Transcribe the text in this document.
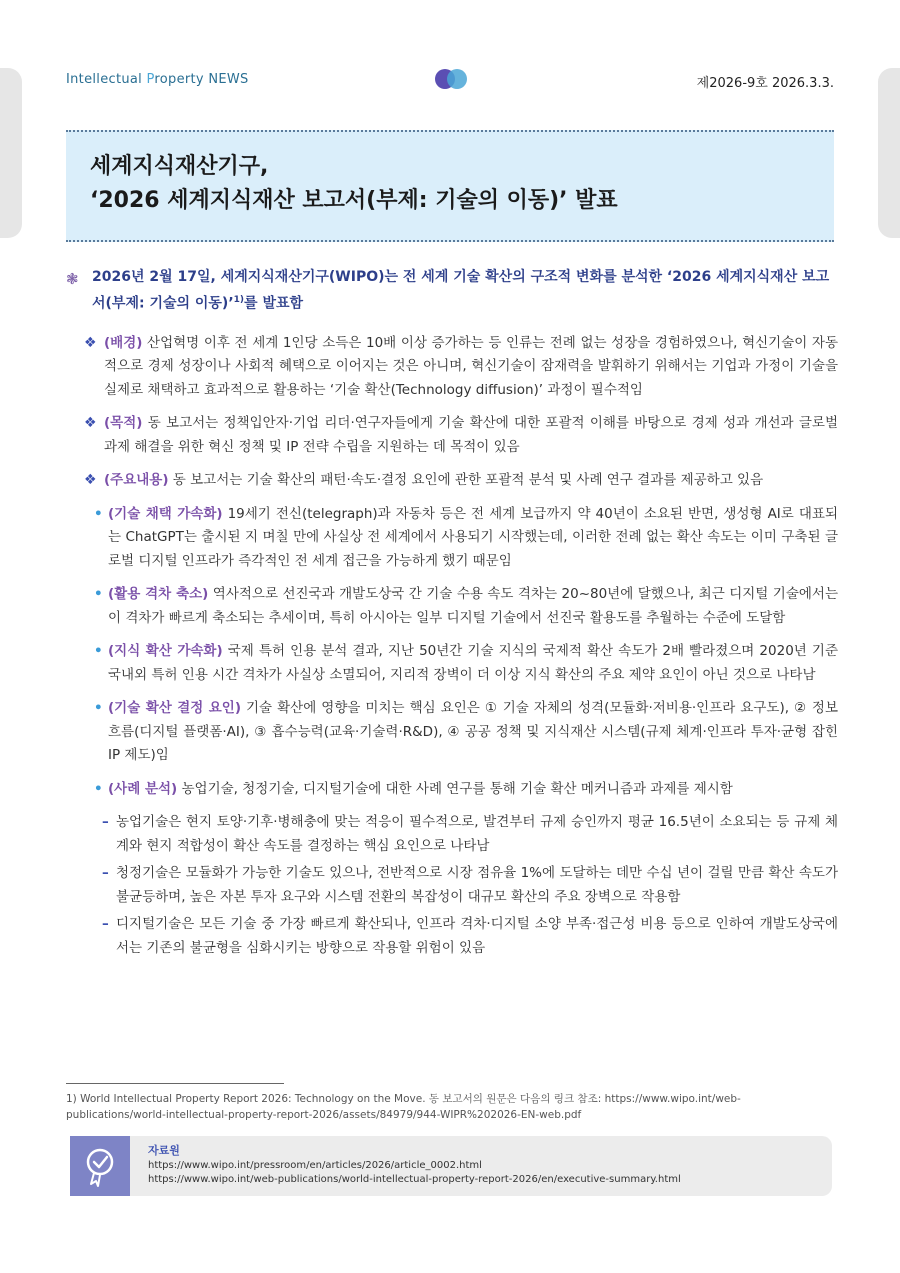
Intellectual Property NEWS	제2026-9호 2026.3.3.
세계지식재산기구,
‘2026 세계지식재산 보고서(부제: 기술의 이동)’ 발표
❃ 2026년 2월 17일, 세계지식재산기구(WIPO)는 전 세계 기술 확산의 구조적 변화를 분석한 ‘2026 세계지식재산 보고서(부제: 기술의 이동)’$^{1)}$를 발표함
❖ (배경) 산업혁명 이후 전 세계 1인당 소득은 10배 이상 증가하는 등 인류는 전례 없는 성장을 경험하였으나, 혁신기술이 자동적으로 경제 성장이나 사회적 혜택으로 이어지는 것은 아니며, 혁신기술이 잠재력을 발휘하기 위해서는 기업과 가정이 기술을 실제로 채택하고 효과적으로 활용하는 ‘기술 확산(Technology diffusion)’ 과정이 필수적임
❖ (목적) 동 보고서는 정책입안자·기업 리더·연구자들에게 기술 확산에 대한 포괄적 이해를 바탕으로 경제 성과 개선과 글로벌 과제 해결을 위한 혁신 정책 및 IP 전략 수립을 지원하는 데 목적이 있음
❖ (주요내용) 동 보고서는 기술 확산의 패턴·속도·결정 요인에 관한 포괄적 분석 및 사례 연구 결과를 제공하고 있음
• (기술 채택 가속화) 19세기 전신(telegraph)과 자동차 등은 전 세계 보급까지 약 40년이 소요된 반면, 생성형 AI로 대표되는 ChatGPT는 출시된 지 며칠 만에 사실상 전 세계에서 사용되기 시작했는데, 이러한 전례 없는 확산 속도는 이미 구축된 글로벌 디지털 인프라가 즉각적인 전 세계 접근을 가능하게 했기 때문임
• (활용 격차 축소) 역사적으로 선진국과 개발도상국 간 기술 수용 속도 격차는 20~80년에 달했으나, 최근 디지털 기술에서는 이 격차가 빠르게 축소되는 추세이며, 특히 아시아는 일부 디지털 기술에서 선진국 활용도를 추월하는 수준에 도달함
• (지식 확산 가속화) 국제 특허 인용 분석 결과, 지난 50년간 기술 지식의 국제적 확산 속도가 2배 빨라졌으며 2020년 기준 국내외 특허 인용 시간 격차가 사실상 소멸되어, 지리적 장벽이 더 이상 지식 확산의 주요 제약 요인이 아닌 것으로 나타남
• (기술 확산 결정 요인) 기술 확산에 영향을 미치는 핵심 요인은 ① 기술 자체의 성격(모듈화·저비용·인프라 요구도), ② 정보 흐름(디지털 플랫폼·AI), ③ 흡수능력(교육·기술력·R&D), ④ 공공 정책 및 지식재산 시스템(규제 체계·인프라 투자·균형 잡힌 IP 제도)임
• (사례 분석) 농업기술, 청정기술, 디지털기술에 대한 사례 연구를 통해 기술 확산 메커니즘과 과제를 제시함
– 농업기술은 현지 토양·기후·병해충에 맞는 적응이 필수적으로, 발견부터 규제 승인까지 평균 16.5년이 소요되는 등 규제 체계와 현지 적합성이 확산 속도를 결정하는 핵심 요인으로 나타남
– 청정기술은 모듈화가 가능한 기술도 있으나, 전반적으로 시장 점유율 1%에 도달하는 데만 수십 년이 걸릴 만큼 확산 속도가 불균등하며, 높은 자본 투자 요구와 시스템 전환의 복잡성이 대규모 확산의 주요 장벽으로 작용함
– 디지털기술은 모든 기술 중 가장 빠르게 확산되나, 인프라 격차·디지털 소양 부족·접근성 비용 등으로 인하여 개발도상국에서는 기존의 불균형을 심화시키는 방향으로 작용할 위험이 있음
1) World Intellectual Property Report 2026: Technology on the Move. 동 보고서의 원문은 다음의 링크 참조: https://www.wipo.int/web-publications/world-intellectual-property-report-2026/assets/84979/944-WIPR%202026-EN-web.pdf
자료원
https://www.wipo.int/pressroom/en/articles/2026/article_0002.html
https://www.wipo.int/web-publications/world-intellectual-property-report-2026/en/executive-summary.html
